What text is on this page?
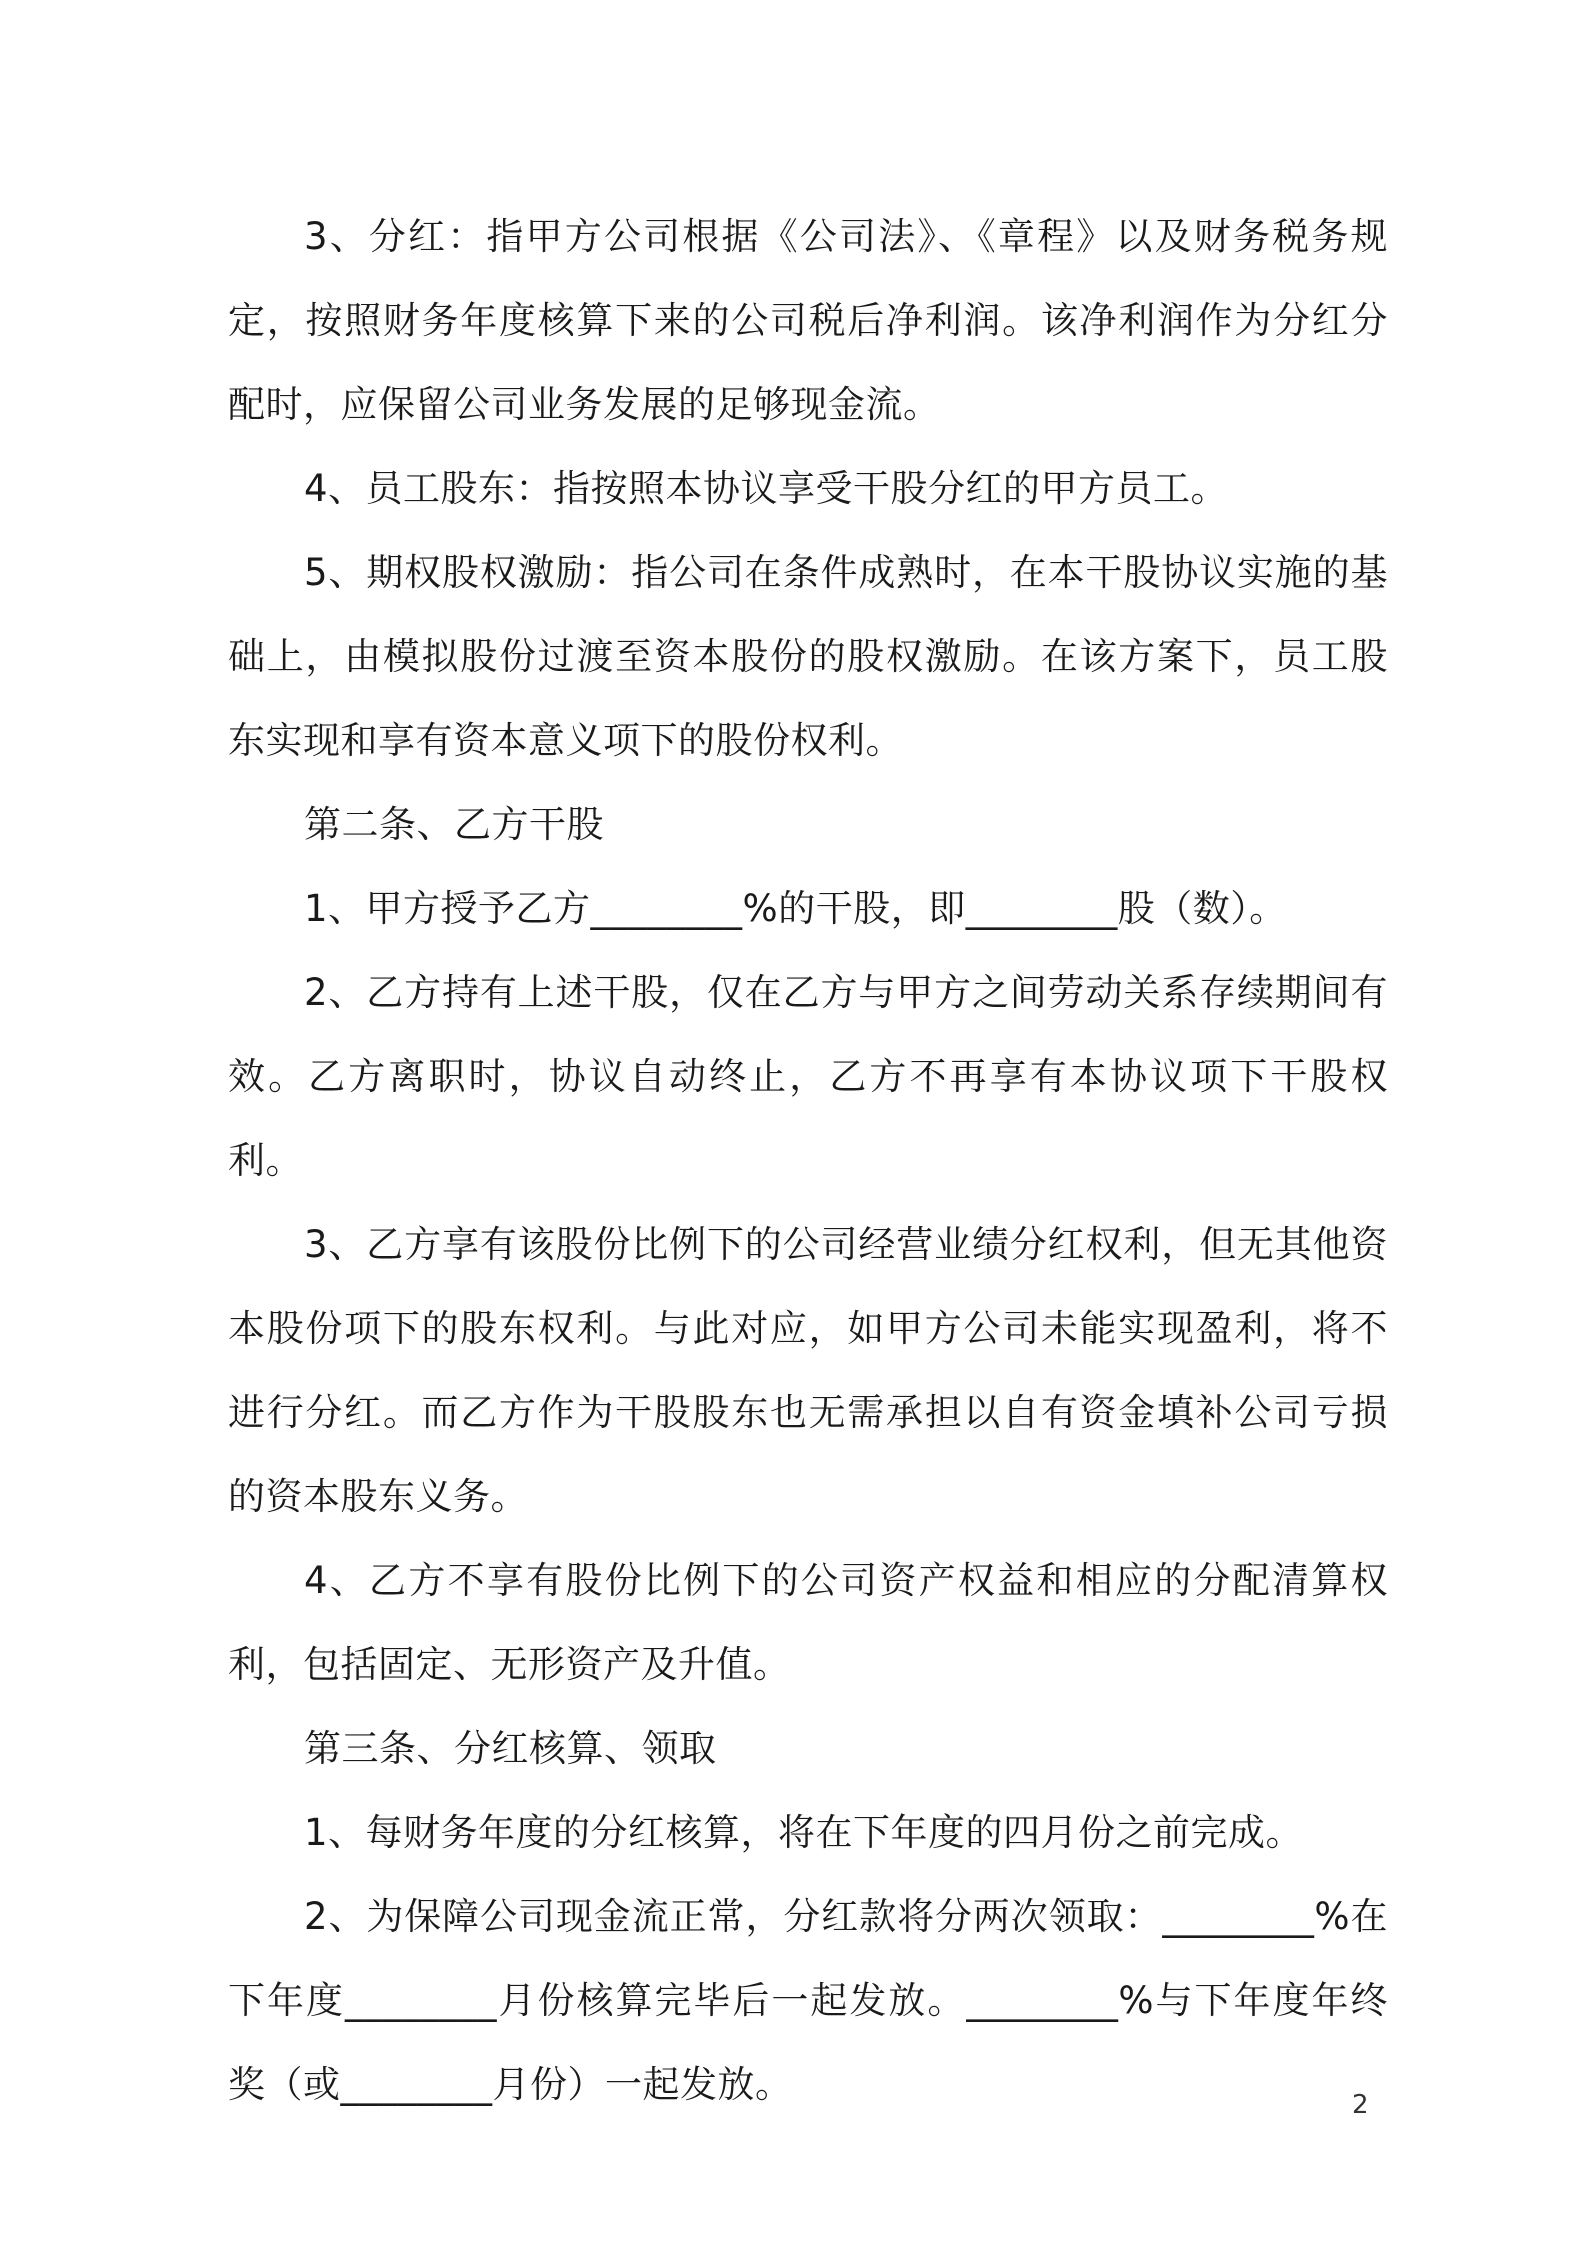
3、分红：指甲方公司根据《公司法》、《章程》以及财务税务规定，按照财务年度核算下来的公司税后净利润。该净利润作为分红分配时，应保留公司业务发展的足够现金流。

4、员工股东：指按照本协议享受干股分红的甲方员工。

5、期权股权激励：指公司在条件成熟时，在本干股协议实施的基础上，由模拟股份过渡至资本股份的股权激励。在该方案下，员工股东实现和享有资本意义项下的股份权利。

第二条、乙方干股

1、甲方授予乙方________%的干股，即________股（数）。

2、乙方持有上述干股，仅在乙方与甲方之间劳动关系存续期间有效。乙方离职时，协议自动终止，乙方不再享有本协议项下干股权利。

3、乙方享有该股份比例下的公司经营业绩分红权利，但无其他资本股份项下的股东权利。与此对应，如甲方公司未能实现盈利，将不进行分红。而乙方作为干股股东也无需承担以自有资金填补公司亏损的资本股东义务。

4、乙方不享有股份比例下的公司资产权益和相应的分配清算权利，包括固定、无形资产及升值。

第三条、分红核算、领取

1、每财务年度的分红核算，将在下年度的四月份之前完成。

2、为保障公司现金流正常，分红款将分两次领取：________%在下年度________月份核算完毕后一起发放。________%与下年度年终奖（或________月份）一起发放。	2
